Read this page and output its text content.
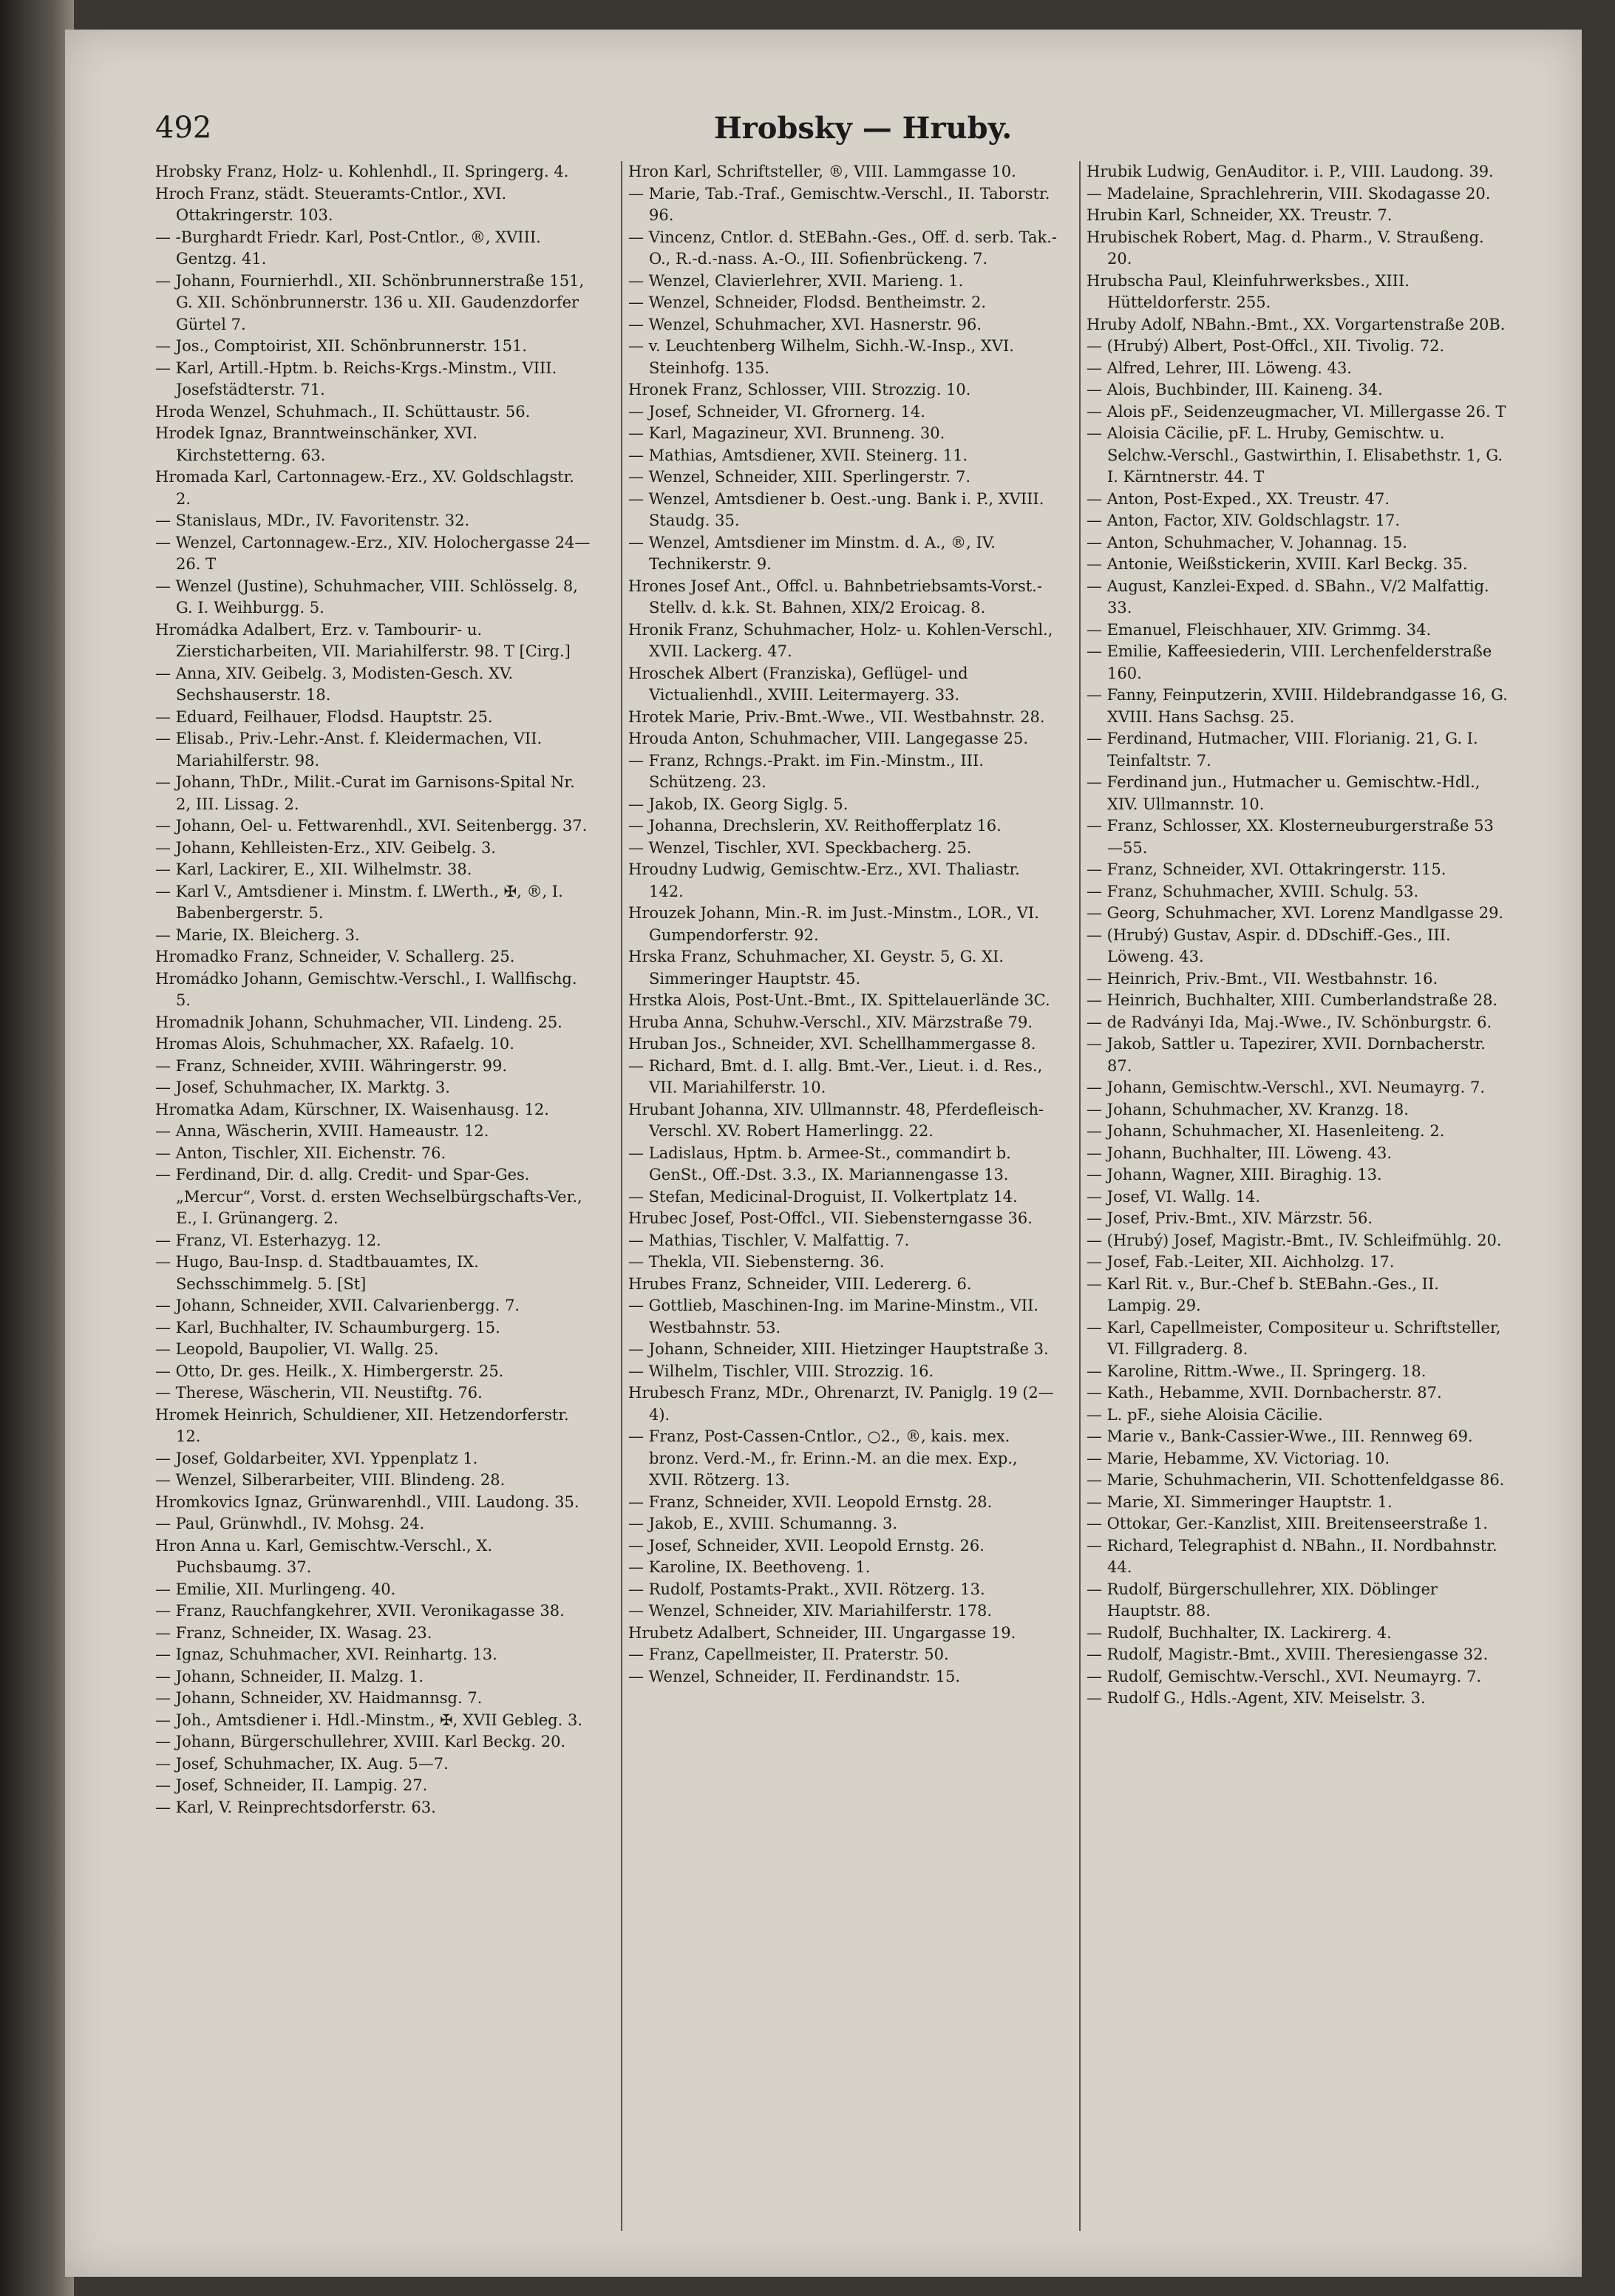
492	Hrobsky — Hruby.

Hrobsky Franz, Holz- u. Kohlenhdl., II. Springerg. 4.

Hroch Franz, städt. Steueramts-Cntlor., XVI. Ottakringerstr. 103.

— -Burghardt Friedr. Karl, Post-Cntlor., ®, XVIII. Gentzg. 41.

— Johann, Fournierhdl., XII. Schönbrunnerstraße 151, G. XII. Schönbrunnerstr. 136 u. XII. Gaudenzdorfer Gürtel 7.

— Jos., Comptoirist, XII. Schönbrunnerstr. 151.

— Karl, Artill.-Hptm. b. Reichs-Krgs.-Minstm., VIII. Josefstädterstr. 71.

Hroda Wenzel, Schuhmach., II. Schüttaustr. 56.

Hrodek Ignaz, Branntweinschänker, XVI. Kirchstetterng. 63.

Hromada Karl, Cartonnagew.-Erz., XV. Goldschlagstr. 2.

— Stanislaus, MDr., IV. Favoritenstr. 32.

— Wenzel, Cartonnagew.-Erz., XIV. Holochergasse 24—26. T

— Wenzel (Justine), Schuhmacher, VIII. Schlösselg. 8, G. I. Weihburgg. 5.

Hromádka Adalbert, Erz. v. Tambourir- u. Ziersticharbeiten, VII. Mariahilferstr. 98. T [Cirg.]

— Anna, XIV. Geibelg. 3, Modisten-Gesch. XV. Sechshauserstr. 18.

— Eduard, Feilhauer, Flodsd. Hauptstr. 25.

— Elisab., Priv.-Lehr.-Anst. f. Kleidermachen, VII. Mariahilferstr. 98.

— Johann, ThDr., Milit.-Curat im Garnisons-Spital Nr. 2, III. Lissag. 2.

— Johann, Oel- u. Fettwarenhdl., XVI. Seitenbergg. 37.

— Johann, Kehlleisten-Erz., XIV. Geibelg. 3.

— Karl, Lackirer, E., XII. Wilhelmstr. 38.

— Karl V., Amtsdiener i. Minstm. f. LWerth., ✠, ®, I. Babenbergerstr. 5.

— Marie, IX. Bleicherg. 3.

Hromadko Franz, Schneider, V. Schallerg. 25.

Hromádko Johann, Gemischtw.-Verschl., I. Wallfischg. 5.

Hromadnik Johann, Schuhmacher, VII. Lindeng. 25.

Hromas Alois, Schuhmacher, XX. Rafaelg. 10.

— Franz, Schneider, XVIII. Währingerstr. 99.

— Josef, Schuhmacher, IX. Marktg. 3.

Hromatka Adam, Kürschner, IX. Waisenhausg. 12.

— Anna, Wäscherin, XVIII. Hameaustr. 12.

— Anton, Tischler, XII. Eichenstr. 76.

— Ferdinand, Dir. d. allg. Credit- und Spar-Ges. „Mercur“, Vorst. d. ersten Wechselbürgschafts-Ver., E., I. Grünangerg. 2.

— Franz, VI. Esterhazyg. 12.

— Hugo, Bau-Insp. d. Stadtbauamtes, IX. Sechsschimmelg. 5. [St]

— Johann, Schneider, XVII. Calvarienbergg. 7.

— Karl, Buchhalter, IV. Schaumburgerg. 15.

— Leopold, Baupolier, VI. Wallg. 25.

— Otto, Dr. ges. Heilk., X. Himbergerstr. 25.

— Therese, Wäscherin, VII. Neustiftg. 76.

Hromek Heinrich, Schuldiener, XII. Hetzendorferstr. 12.

— Josef, Goldarbeiter, XVI. Yppenplatz 1.

— Wenzel, Silberarbeiter, VIII. Blindeng. 28.

Hromkovics Ignaz, Grünwarenhdl., VIII. Laudong. 35.

— Paul, Grünwhdl., IV. Mohsg. 24.

Hron Anna u. Karl, Gemischtw.-Verschl., X. Puchsbaumg. 37.

— Emilie, XII. Murlingeng. 40.

— Franz, Rauchfangkehrer, XVII. Veronikagasse 38.

— Franz, Schneider, IX. Wasag. 23.

— Ignaz, Schuhmacher, XVI. Reinhartg. 13.

— Johann, Schneider, II. Malzg. 1.

— Johann, Schneider, XV. Haidmannsg. 7.

— Joh., Amtsdiener i. Hdl.-Minstm., ✠, XVII Gebleg. 3.

— Johann, Bürgerschullehrer, XVIII. Karl Beckg. 20.

— Josef, Schuhmacher, IX. Aug. 5—7.

— Josef, Schneider, II. Lampig. 27.

— Karl, V. Reinprechtsdorferstr. 63.

Hron Karl, Schriftsteller, ®, VIII. Lammgasse 10.

— Marie, Tab.-Traf., Gemischtw.-Verschl., II. Taborstr. 96.

— Vincenz, Cntlor. d. StEBahn.-Ges., Off. d. serb. Tak.-O., R.-d.-nass. A.-O., III. Sofienbrückeng. 7.

— Wenzel, Clavierlehrer, XVII. Marieng. 1.

— Wenzel, Schneider, Flodsd. Bentheimstr. 2.

— Wenzel, Schuhmacher, XVI. Hasnerstr. 96.

— v. Leuchtenberg Wilhelm, Sichh.-W.-Insp., XVI. Steinhofg. 135.

Hronek Franz, Schlosser, VIII. Strozzig. 10.

— Josef, Schneider, VI. Gfrornerg. 14.

— Karl, Magazineur, XVI. Brunneng. 30.

— Mathias, Amtsdiener, XVII. Steinerg. 11.

— Wenzel, Schneider, XIII. Sperlingerstr. 7.

— Wenzel, Amtsdiener b. Oest.-ung. Bank i. P., XVIII. Staudg. 35.

— Wenzel, Amtsdiener im Minstm. d. A., ®, IV. Technikerstr. 9.

Hrones Josef Ant., Offcl. u. Bahnbetriebsamts-Vorst.-Stellv. d. k.k. St. Bahnen, XIX/2 Eroicag. 8.

Hronik Franz, Schuhmacher, Holz- u. Kohlen-Verschl., XVII. Lackerg. 47.

Hroschek Albert (Franziska), Geflügel- und Victualienhdl., XVIII. Leitermayerg. 33.

Hrotek Marie, Priv.-Bmt.-Wwe., VII. Westbahnstr. 28.

Hrouda Anton, Schuhmacher, VIII. Langegasse 25.

— Franz, Rchngs.-Prakt. im Fin.-Minstm., III. Schützeng. 23.

— Jakob, IX. Georg Siglg. 5.

— Johanna, Drechslerin, XV. Reithofferplatz 16.

— Wenzel, Tischler, XVI. Speckbacherg. 25.

Hroudny Ludwig, Gemischtw.-Erz., XVI. Thaliastr. 142.

Hrouzek Johann, Min.-R. im Just.-Minstm., LOR., VI. Gumpendorferstr. 92.

Hrska Franz, Schuhmacher, XI. Geystr. 5, G. XI. Simmeringer Hauptstr. 45.

Hrstka Alois, Post-Unt.-Bmt., IX. Spittelauerlände 3C.

Hruba Anna, Schuhw.-Verschl., XIV. Märzstraße 79.

Hruban Jos., Schneider, XVI. Schellhammergasse 8.

— Richard, Bmt. d. I. allg. Bmt.-Ver., Lieut. i. d. Res., VII. Mariahilferstr. 10.

Hrubant Johanna, XIV. Ullmannstr. 48, Pferdefleisch-Verschl. XV. Robert Hamerlingg. 22.

— Ladislaus, Hptm. b. Armee-St., commandirt b. GenSt., Off.-Dst. 3.3., IX. Mariannengasse 13.

— Stefan, Medicinal-Droguist, II. Volkertplatz 14.

Hrubec Josef, Post-Offcl., VII. Siebensterngasse 36.

— Mathias, Tischler, V. Malfattig. 7.

— Thekla, VII. Siebensterng. 36.

Hrubes Franz, Schneider, VIII. Ledererg. 6.

— Gottlieb, Maschinen-Ing. im Marine-Minstm., VII. Westbahnstr. 53.

— Johann, Schneider, XIII. Hietzinger Hauptstraße 3.

— Wilhelm, Tischler, VIII. Strozzig. 16.

Hrubesch Franz, MDr., Ohrenarzt, IV. Paniglg. 19 (2—4).

— Franz, Post-Cassen-Cntlor., ○2., ®, kais. mex. bronz. Verd.-M., fr. Erinn.-M. an die mex. Exp., XVII. Rötzerg. 13.

— Franz, Schneider, XVII. Leopold Ernstg. 28.

— Jakob, E., XVIII. Schumanng. 3.

— Josef, Schneider, XVII. Leopold Ernstg. 26.

— Karoline, IX. Beethoveng. 1.

— Rudolf, Postamts-Prakt., XVII. Rötzerg. 13.

— Wenzel, Schneider, XIV. Mariahilferstr. 178.

Hrubetz Adalbert, Schneider, III. Ungargasse 19.

— Franz, Capellmeister, II. Praterstr. 50.

— Wenzel, Schneider, II. Ferdinandstr. 15.

Hrubik Ludwig, GenAuditor. i. P., VIII. Laudong. 39.

— Madelaine, Sprachlehrerin, VIII. Skodagasse 20.

Hrubin Karl, Schneider, XX. Treustr. 7.

Hrubischek Robert, Mag. d. Pharm., V. Straußeng. 20.

Hrubscha Paul, Kleinfuhrwerksbes., XIII. Hütteldorferstr. 255.

Hruby Adolf, NBahn.-Bmt., XX. Vorgartenstraße 20B.

— (Hrubý) Albert, Post-Offcl., XII. Tivolig. 72.

— Alfred, Lehrer, III. Löweng. 43.

— Alois, Buchbinder, III. Kaineng. 34.

— Alois pF., Seidenzeugmacher, VI. Millergasse 26. T

— Aloisia Cäcilie, pF. L. Hruby, Gemischtw. u. Selchw.-Verschl., Gastwirthin, I. Elisabethstr. 1, G. I. Kärntnerstr. 44. T

— Anton, Post-Exped., XX. Treustr. 47.

— Anton, Factor, XIV. Goldschlagstr. 17.

— Anton, Schuhmacher, V. Johannag. 15.

— Antonie, Weißstickerin, XVIII. Karl Beckg. 35.

— August, Kanzlei-Exped. d. SBahn., V/2 Malfattig. 33.

— Emanuel, Fleischhauer, XIV. Grimmg. 34.

— Emilie, Kaffeesiederin, VIII. Lerchenfelderstraße 160.

— Fanny, Feinputzerin, XVIII. Hildebrandgasse 16, G. XVIII. Hans Sachsg. 25.

— Ferdinand, Hutmacher, VIII. Florianig. 21, G. I. Teinfaltstr. 7.

— Ferdinand jun., Hutmacher u. Gemischtw.-Hdl., XIV. Ullmannstr. 10.

— Franz, Schlosser, XX. Klosterneuburgerstraße 53—55.

— Franz, Schneider, XVI. Ottakringerstr. 115.

— Franz, Schuhmacher, XVIII. Schulg. 53.

— Georg, Schuhmacher, XVI. Lorenz Mandlgasse 29.

— (Hrubý) Gustav, Aspir. d. DDschiff.-Ges., III. Löweng. 43.

— Heinrich, Priv.-Bmt., VII. Westbahnstr. 16.

— Heinrich, Buchhalter, XIII. Cumberlandstraße 28.

— de Radványi Ida, Maj.-Wwe., IV. Schönburgstr. 6.

— Jakob, Sattler u. Tapezirer, XVII. Dornbacherstr. 87.

— Johann, Gemischtw.-Verschl., XVI. Neumayrg. 7.

— Johann, Schuhmacher, XV. Kranzg. 18.

— Johann, Schuhmacher, XI. Hasenleiteng. 2.

— Johann, Buchhalter, III. Löweng. 43.

— Johann, Wagner, XIII. Biraghig. 13.

— Josef, VI. Wallg. 14.

— Josef, Priv.-Bmt., XIV. Märzstr. 56.

— (Hrubý) Josef, Magistr.-Bmt., IV. Schleifmühlg. 20.

— Josef, Fab.-Leiter, XII. Aichholzg. 17.

— Karl Rit. v., Bur.-Chef b. StEBahn.-Ges., II. Lampig. 29.

— Karl, Capellmeister, Compositeur u. Schriftsteller, VI. Fillgraderg. 8.

— Karoline, Rittm.-Wwe., II. Springerg. 18.

— Kath., Hebamme, XVII. Dornbacherstr. 87.

— L. pF., siehe Aloisia Cäcilie.

— Marie v., Bank-Cassier-Wwe., III. Rennweg 69.

— Marie, Hebamme, XV. Victoriag. 10.

— Marie, Schuhmacherin, VII. Schottenfeldgasse 86.

— Marie, XI. Simmeringer Hauptstr. 1.

— Ottokar, Ger.-Kanzlist, XIII. Breitenseerstraße 1.

— Richard, Telegraphist d. NBahn., II. Nordbahnstr. 44.

— Rudolf, Bürgerschullehrer, XIX. Döblinger Hauptstr. 88.

— Rudolf, Buchhalter, IX. Lackirerg. 4.

— Rudolf, Magistr.-Bmt., XVIII. Theresiengasse 32.

— Rudolf, Gemischtw.-Verschl., XVI. Neumayrg. 7.

— Rudolf G., Hdls.-Agent, XIV. Meiselstr. 3.
